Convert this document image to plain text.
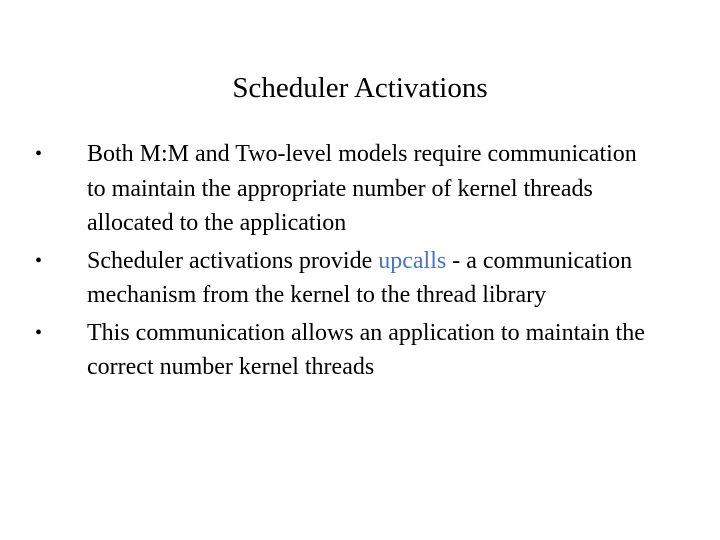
Scheduler Activations
• Both M:M and Two-level models require communication to maintain the appropriate number of kernel threads allocated to the application
• Scheduler activations provide upcalls - a communication mechanism from the kernel to the thread library
• This communication allows an application to maintain the correct number kernel threads
